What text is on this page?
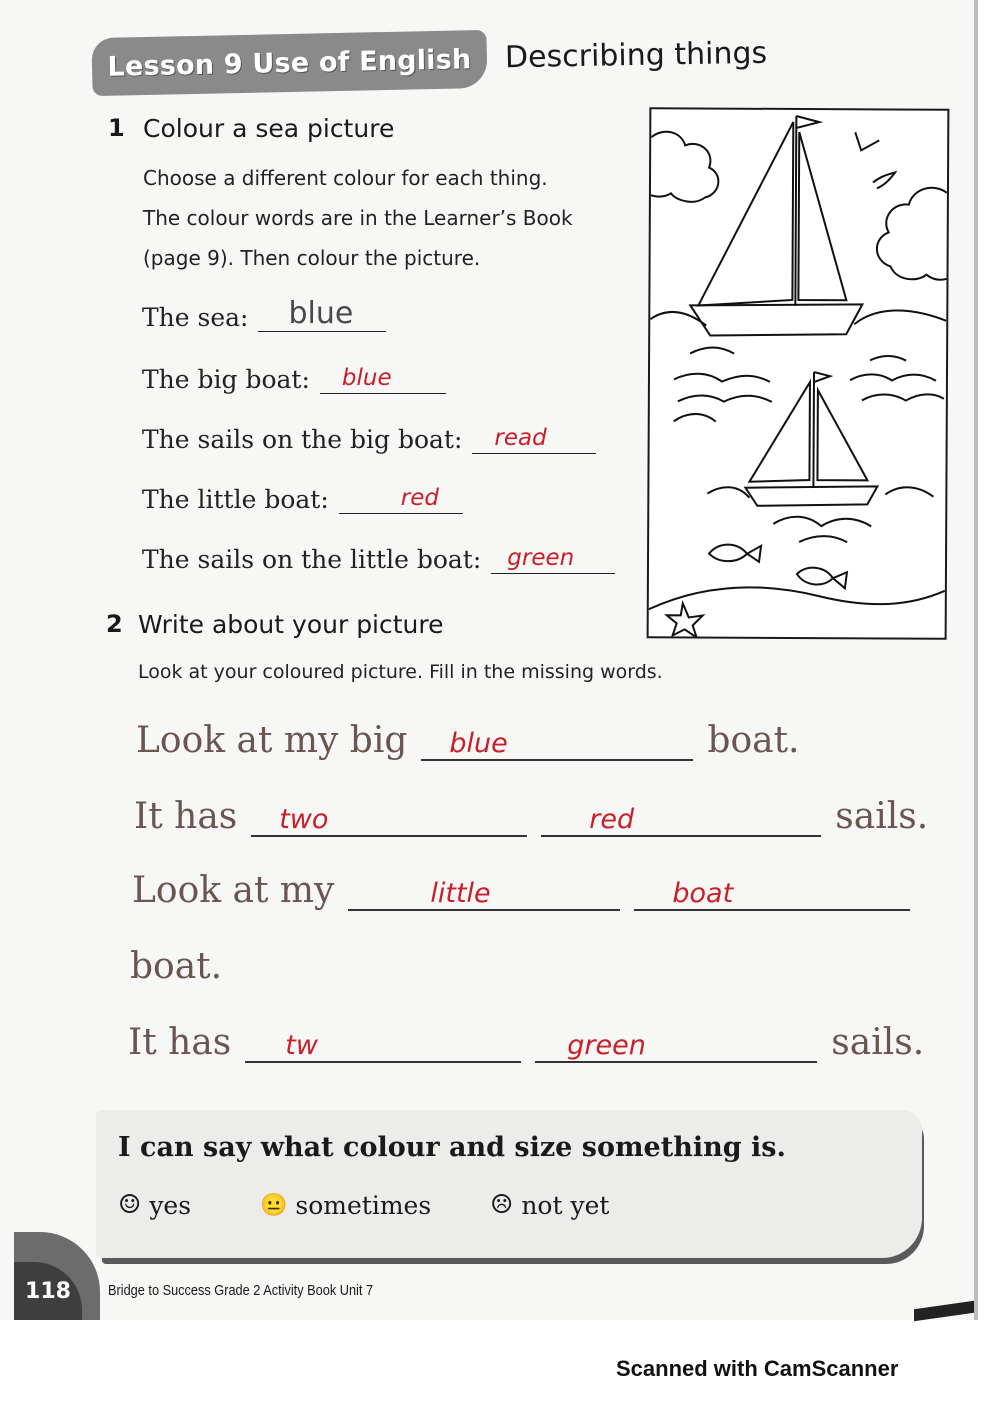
Lesson 9 Use of English Describing things
1 Colour a sea picture
Choose a different colour for each thing.
The colour words are in the Learner’s Book
(page 9). Then colour the picture.
The sea: blue
The big boat: blue
The sails on the big boat: read
The little boat:	red
The sails on the little boat: green
2 Write about your picture
Look at your coloured picture. Fill in the missing words.
Look at my big blue	boat.
It has two	red	sails.
Look at my	little	boat
boat.
It has tw	green	sails.
I can say what colour and size something is.
☺ yes	😐 sometimes ☹ not yet
118 Bridge to Success Grade 2 Activity Book Unit 7
Scanned with CamScanner
